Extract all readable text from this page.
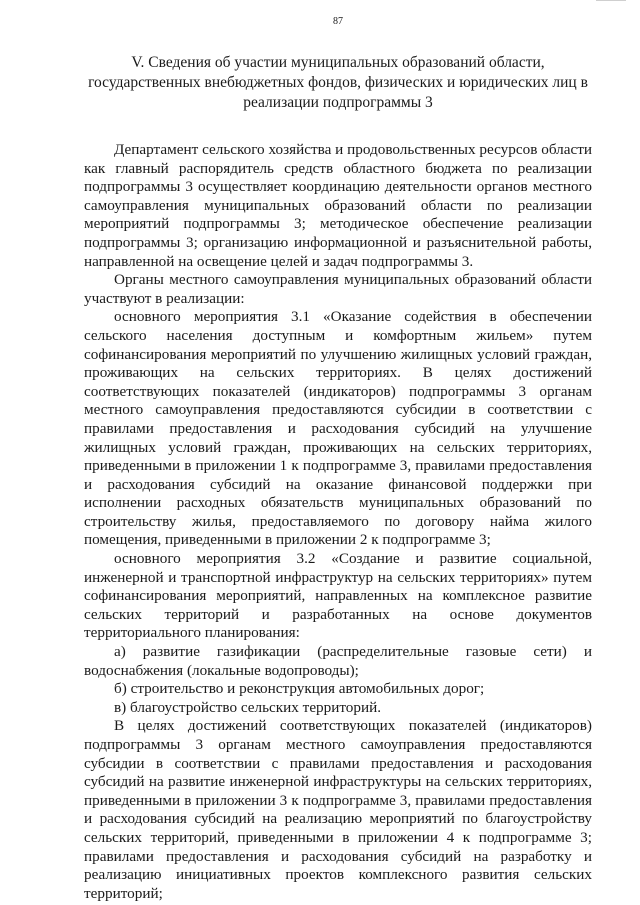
87
V. Сведения об участии муниципальных образований области, государственных внебюджетных фондов, физических и юридических лиц в реализации подпрограммы 3

Департамент сельского хозяйства и продовольственных ресурсов области как главный распорядитель средств областного бюджета по реализации подпрограммы 3 осуществляет координацию деятельности органов местного самоуправления муниципальных образований области по реализации мероприятий подпрограммы 3; методическое обеспечение реализации подпрограммы 3; организацию информационной и разъяснительной работы, направленной на освещение целей и задач подпрограммы 3.

Органы местного самоуправления муниципальных образований области участвуют в реализации:

основного мероприятия 3.1 «Оказание содействия в обеспечении сельского населения доступным и комфортным жильем» путем софинансирования мероприятий по улучшению жилищных условий граждан, проживающих на сельских территориях. В целях достижений соответствующих показателей (индикаторов) подпрограммы 3 органам местного самоуправления предоставляются субсидии в соответствии с правилами предоставления и расходования субсидий на улучшение жилищных условий граждан, проживающих на сельских территориях, приведенными в приложении 1 к подпрограмме 3, правилами предоставления и расходования субсидий на оказание финансовой поддержки при исполнении расходных обязательств муниципальных образований по строительству жилья, предоставляемого по договору найма жилого помещения, приведенными в приложении 2 к подпрограмме 3;

основного мероприятия 3.2 «Создание и развитие социальной, инженерной и транспортной инфраструктур на сельских территориях» путем софинансирования мероприятий, направленных на комплексное развитие сельских территорий и разработанных на основе документов территориального планирования:

а) развитие газификации (распределительные газовые сети) и водоснабжения (локальные водопроводы);

б) строительство и реконструкция автомобильных дорог;

в) благоустройство сельских территорий.

В целях достижений соответствующих показателей (индикаторов) подпрограммы 3 органам местного самоуправления предоставляются субсидии в соответствии с правилами предоставления и расходования субсидий на развитие инженерной инфраструктуры на сельских территориях, приведенными в приложении 3 к подпрограмме 3, правилами предоставления и расходования субсидий на реализацию мероприятий по благоустройству сельских территорий, приведенными в приложении 4 к подпрограмме 3; правилами предоставления и расходования субсидий на разработку и реализацию инициативных проектов комплексного развития сельских территорий;
